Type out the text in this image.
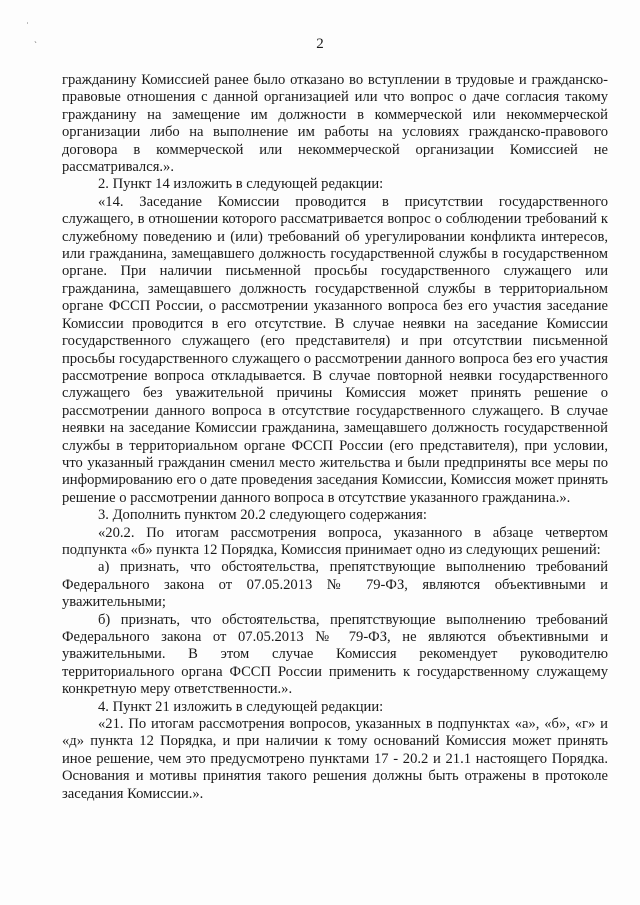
˙
ˏ	2

гражданину Комиссией ранее было отказано во вступлении в трудовые и гражданско-правовые отношения с данной организацией или что вопрос о даче согласия такому гражданину на замещение им должности в коммерческой или некоммерческой организации либо на выполнение им работы на условиях гражданско-правового договора в коммерческой или некоммерческой организации Комиссией не рассматривался.».

2. Пункт 14 изложить в следующей редакции:

«14. Заседание Комиссии проводится в присутствии государственного служащего, в отношении которого рассматривается вопрос о соблюдении требований к служебному поведению и (или) требований об урегулировании конфликта интересов, или гражданина, замещавшего должность государственной службы в государственном органе. При наличии письменной просьбы государственного служащего или гражданина, замещавшего должность государственной службы в территориальном органе ФССП России, о рассмотрении указанного вопроса без его участия заседание Комиссии проводится в его отсутствие. В случае неявки на заседание Комиссии государственного служащего (его представителя) и при отсутствии письменной просьбы государственного служащего о рассмотрении данного вопроса без его участия рассмотрение вопроса откладывается. В случае повторной неявки государственного служащего без уважительной причины Комиссия может принять решение о рассмотрении данного вопроса в отсутствие государственного служащего. В случае неявки на заседание Комиссии гражданина, замещавшего должность государственной службы в территориальном органе ФССП России (его представителя), при условии, что указанный гражданин сменил место жительства и были предприняты все меры по информированию его о дате проведения заседания Комиссии, Комиссия может принять решение о рассмотрении данного вопроса в отсутствие указанного гражданина.».

3. Дополнить пунктом 20.2 следующего содержания:

«20.2. По итогам рассмотрения вопроса, указанного в абзаце четвертом подпункта «б» пункта 12 Порядка, Комиссия принимает одно из следующих решений:

а) признать, что обстоятельства, препятствующие выполнению требований Федерального закона от 07.05.2013 № 79-ФЗ, являются объективными и уважительными;

б) признать, что обстоятельства, препятствующие выполнению требований Федерального закона от 07.05.2013 № 79-ФЗ, не являются объективными и уважительными. В этом случае Комиссия рекомендует руководителю территориального органа ФССП России применить к государственному служащему конкретную меру ответственности.».

4. Пункт 21 изложить в следующей редакции:

«21. По итогам рассмотрения вопросов, указанных в подпунктах «а», «б», «г» и «д» пункта 12 Порядка, и при наличии к тому оснований Комиссия может принять иное решение, чем это предусмотрено пунктами 17 - 20.2 и 21.1 настоящего Порядка. Основания и мотивы принятия такого решения должны быть отражены в протоколе заседания Комиссии.».
